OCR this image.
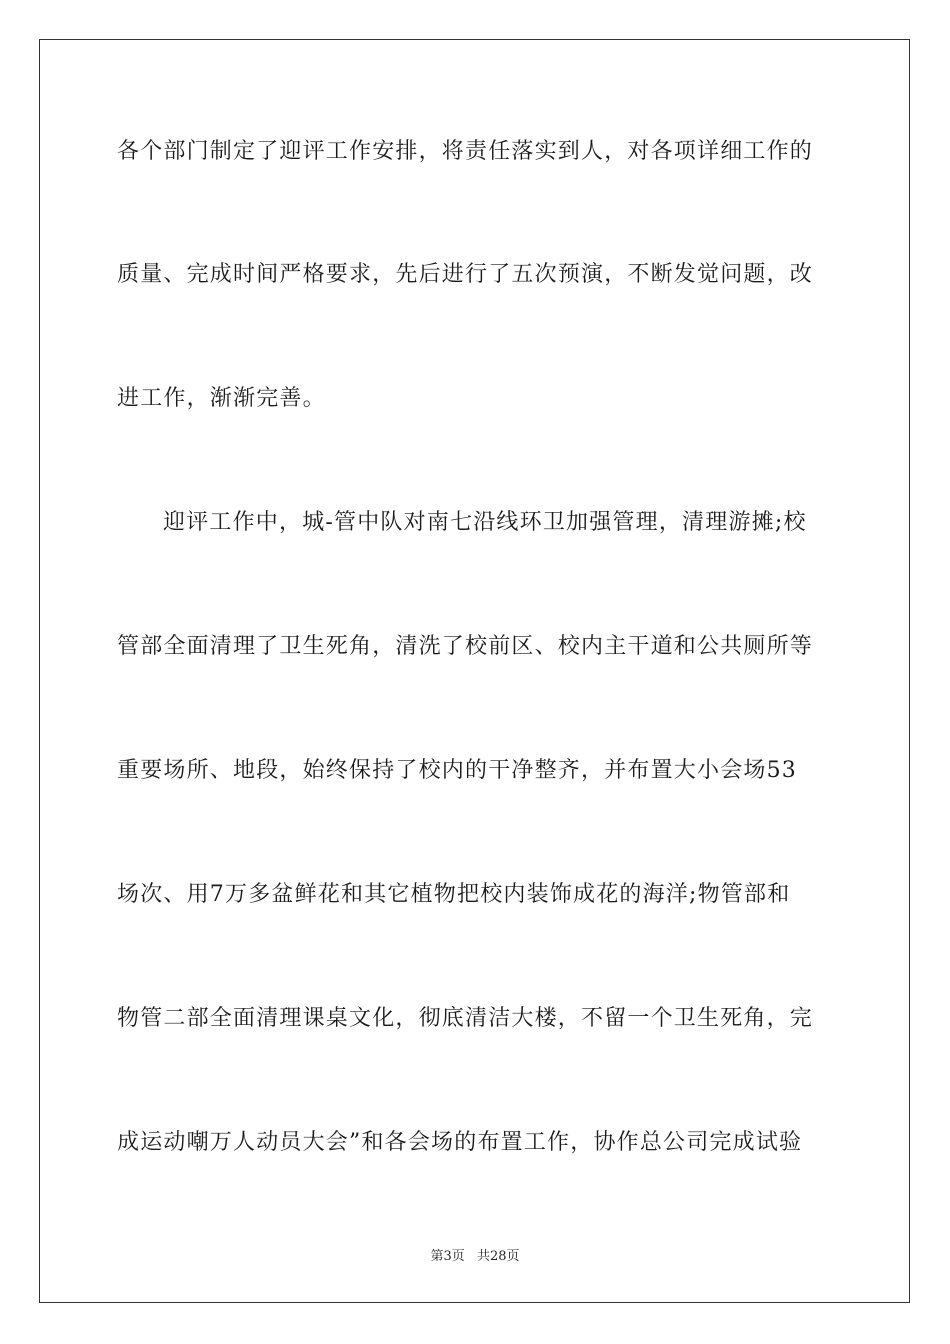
各个部门制定了迎评工作安排，将责任落实到人，对各项详细工作的
质量、完成时间严格要求，先后进行了五次预演，不断发觉问题，改
进工作，渐渐完善。
迎评工作中，城-管中队对南七沿线环卫加强管理，清理游摊;校
管部全面清理了卫生死角，清洗了校前区、校内主干道和公共厕所等
重要场所、地段，始终保持了校内的干净整齐，并布置大小会场53
场次、用7万多盆鲜花和其它植物把校内装饰成花的海洋;物管部和
物管二部全面清理课桌文化，彻底清洁大楼，不留一个卫生死角，完
成运动嘲万人动员大会”和各会场的布置工作，协作总公司完成试验
第3页 共28页
